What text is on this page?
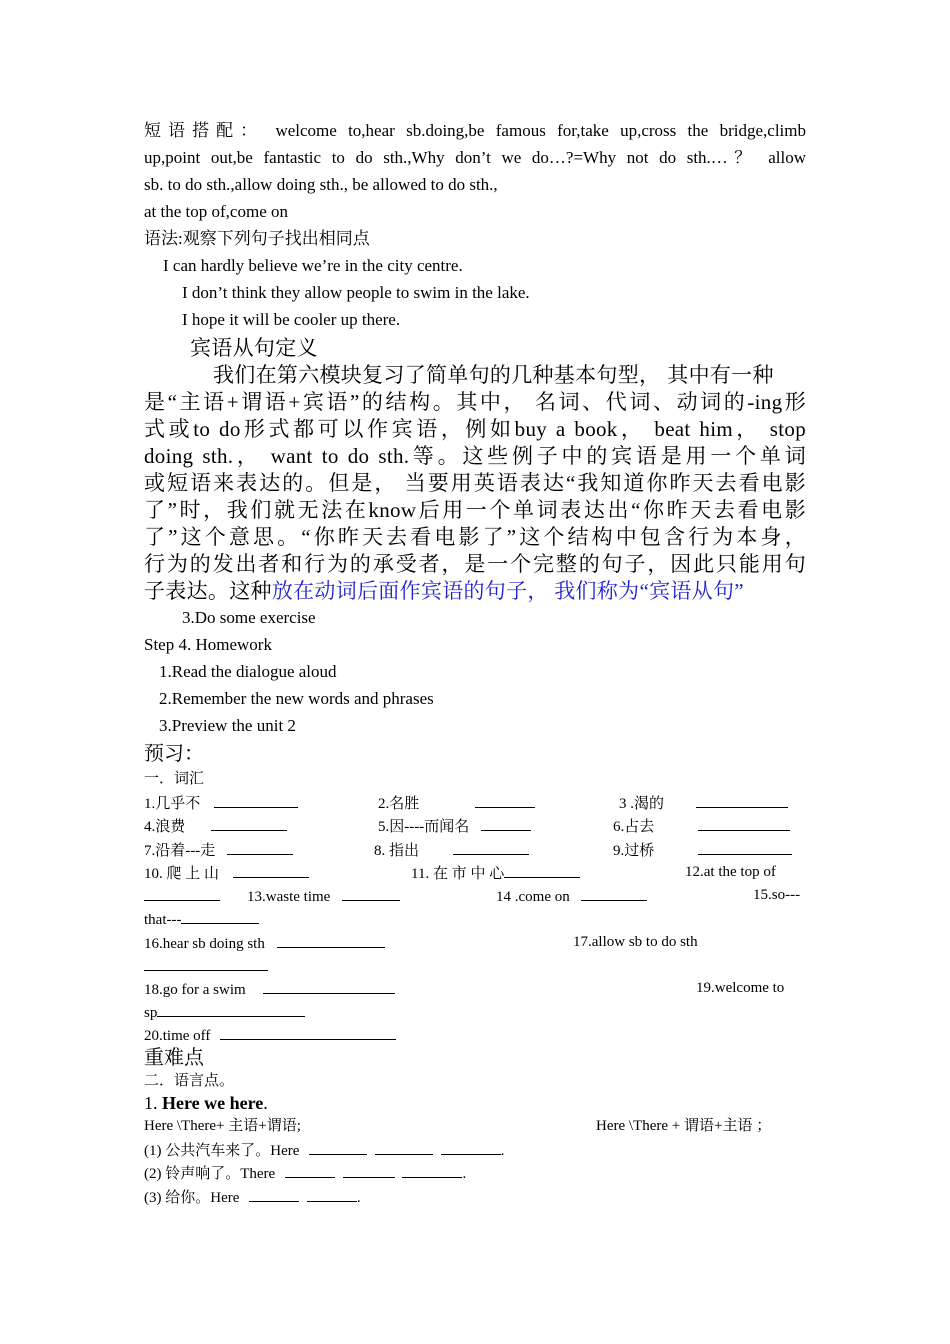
短语搭配： welcome to,hear sb.doing,be famous for,take up,cross the bridge,climb
up,point out,be fantastic to do sth.,Why don’t we do…?=Why not do sth.…？ allow
sb. to do sth.,allow doing sth., be allowed to do sth.,
at the top of,come on
语法:观察下列句子找出相同点
I can hardly believe we’re in the city centre.
I don’t think they allow people to swim in the lake.
I hope it will be cooler up there.
宾语从句定义
我们在第六模块复习了简单句的几种基本句型， 其中有一种
是“主语+谓语+宾语”的结构。其中， 名词、代词、动词的-ing形
式或to do形式都可以作宾语，例如buy a book， beat him， stop
doing sth.， want to do sth.等。这些例子中的宾语是用一个单词
或短语来表达的。但是， 当要用英语表达“我知道你昨天去看电影
了”时，我们就无法在know后用一个单词表达出“你昨天去看电影
了”这个意思。“你昨天去看电影了”这个结构中包含行为本身，
行为的发出者和行为的承受者，是一个完整的句子，因此只能用句
子表达。这种放在动词后面作宾语的句子， 我们称为“宾语从句”
3.Do some exercise
Step 4. Homework
1.Read the dialogue aloud
2.Remember the new words and phrases
3.Preview the unit 2
预习：
一．词汇
1.几乎不	2.名胜	3 .渴的
4.浪费	5.因----而闻名	6.占去
7.沿着---走	8. 指出	9.过桥
10. 爬 上 山	11. 在 市 中 心	12.at the top of
13.waste time	14 .come on	15.so---
that---
16.hear sb doing sth	17.allow sb to do sth
18.go for a swim	19.welcome to
sp
20.time off
重难点
二．语言点。
1. Here we here.
Here \There+ 主语+谓语;	Here \There + 谓语+主语 ；
(1) 公共汽车来了。Here	.
(2) 铃声响了。There	.
(3) 给你。Here	.
